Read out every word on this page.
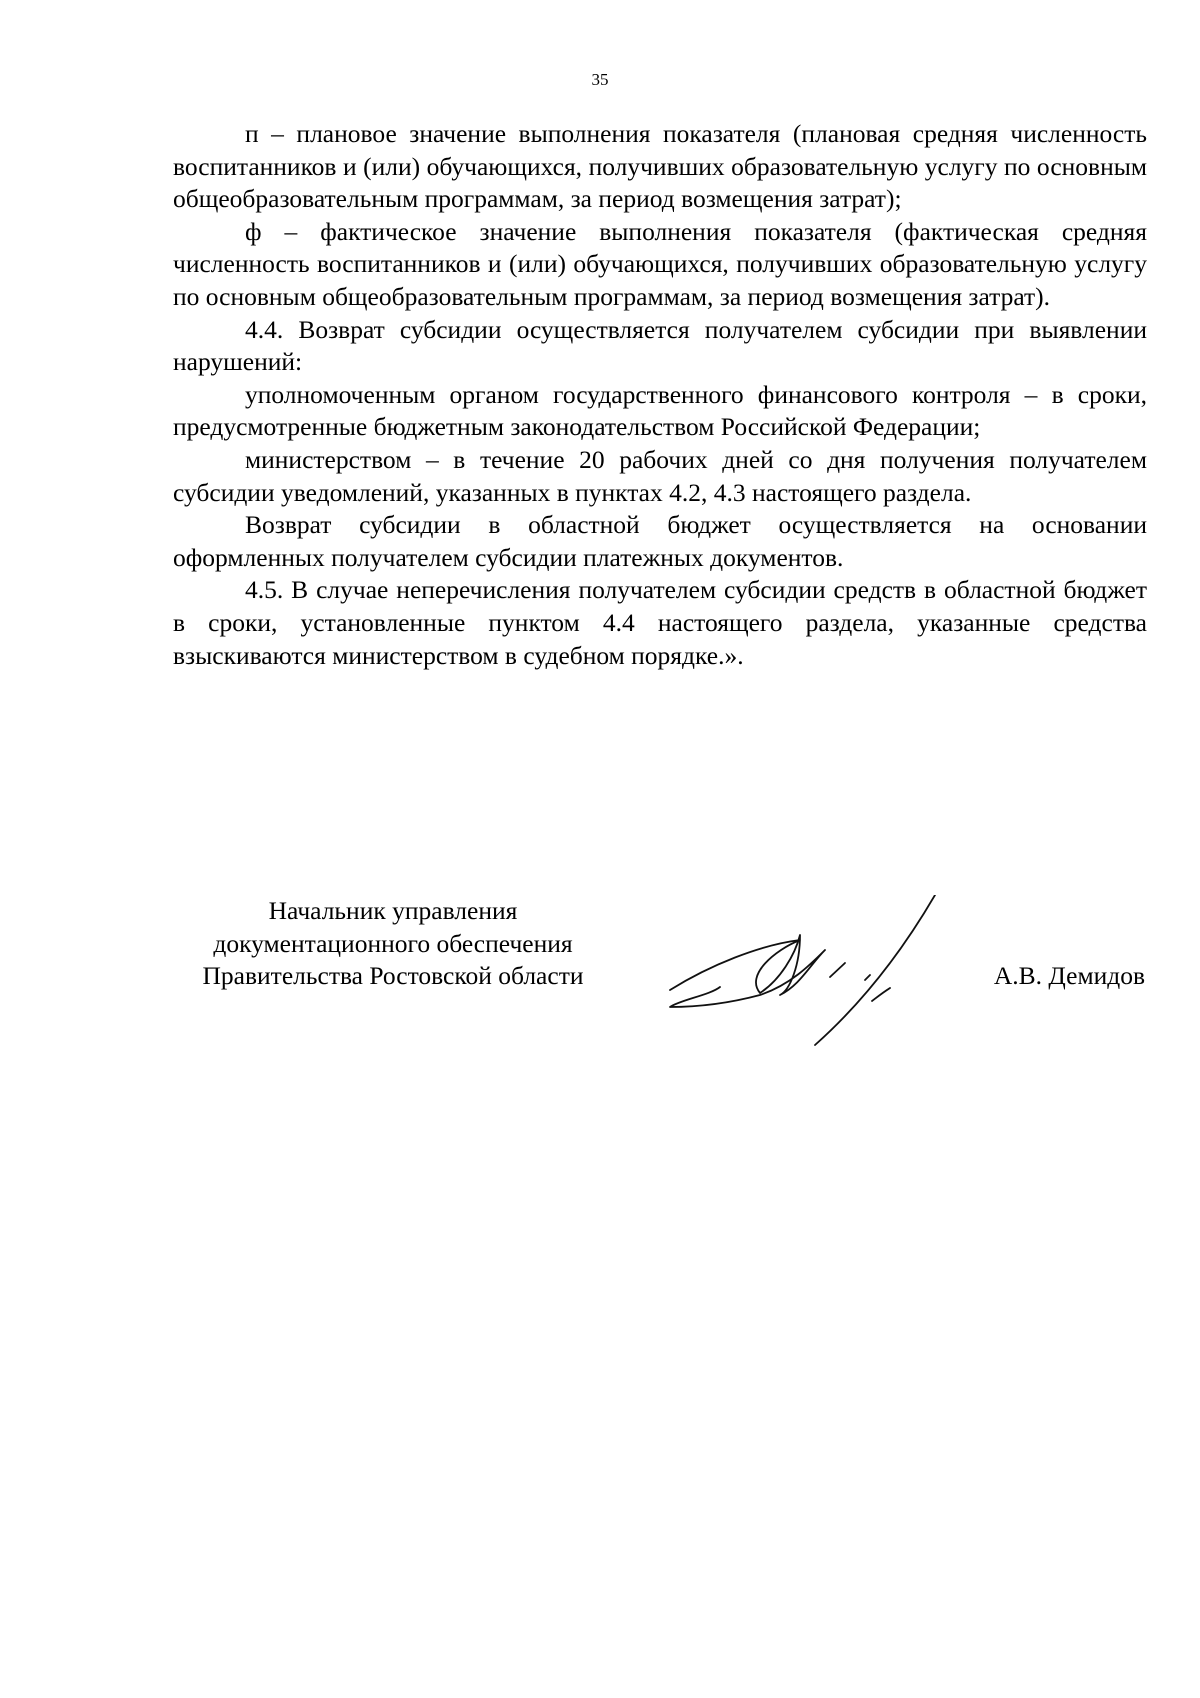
35

п – плановое значение выполнения показателя (плановая средняя численность воспитанников и (или) обучающихся, получивших образовательную услугу по основным общеобразовательным программам, за период возмещения затрат);

ф – фактическое значение выполнения показателя (фактическая средняя численность воспитанников и (или) обучающихся, получивших образовательную услугу по основным общеобразовательным программам, за период возмещения затрат).

4.4. Возврат субсидии осуществляется получателем субсидии при выявлении нарушений:

уполномоченным органом государственного финансового контроля – в сроки, предусмотренные бюджетным законодательством Российской Федерации;

министерством – в течение 20 рабочих дней со дня получения получателем субсидии уведомлений, указанных в пунктах 4.2, 4.3 настоящего раздела.

Возврат субсидии в областной бюджет осуществляется на основании оформленных получателем субсидии платежных документов.

4.5. В случае неперечисления получателем субсидии средств в областной бюджет в сроки, установленные пунктом 4.4 настоящего раздела, указанные средства взыскиваются министерством в судебном порядке.».

Начальник управления
документационного обеспечения
Правительства Ростовской области	А.В. Демидов
